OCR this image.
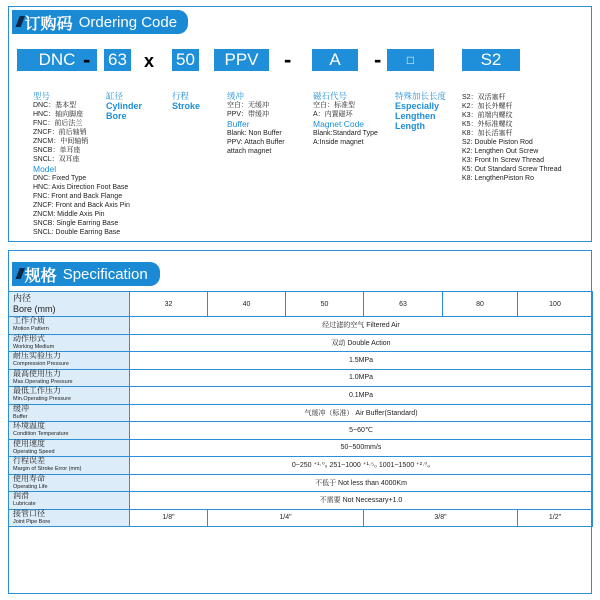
//// 订购码 Ordering Code
DNC - 63 x 50	PPV	-	A	-	□	S2
型号
DNC：基本型
HNC：轴向脚座
FNC：前后法兰
ZNCF：前后轴销
ZNCM：中间轴销
SNCB：单耳座
SNCL：双耳座
Model
DNC: Fixed Type
HNC: Axis Direction Foot Base
FNC: Front and Back Flange
ZNCF: Front and Back Axis Pin
ZNCM: Middle Axis Pin
SNCB: Single Earring Base
SNCL: Double Earring Base
缸径
Cylinder
Bore
行程
Stroke
缓冲
空白：无缓冲
PPV：带缓冲
Buffer
Blank: Non Buffer
PPV: Attach Buffer
attach magnet
磁石代号
空白：标准型
A：内置磁环
Magnet Code
Blank:Standard Type
A:Inside magnet
特殊加长长度
Especially
Lengthen
Length
S2：双活塞杆
K2：加长外螺杆
K3：前端内螺纹
K5：外标准螺纹
K8：加长活塞杆
S2: Double Piston Rod
K2: Lengthen Out Screw
K3: Front In Screw Thread
K5: Out Standard Screw Thread
K8: LengthenPiston Ro
//// 规格 Specification
内径
Bore (mm)	32	40	50	63	80	100

工作介质
Motion Pattern	经过滤的空气 Filtered Air					

动作形式
Working Medium	双动 Double Action					

耐压实验压力
Compression Pressure	1.5MPa					

最高使用压力
Max.Operating Pressure	1.0MPa					

最低工作压力
Min.Operating Pressure	0.1MPa					

缓冲
Buffer	气缓冲（标准） Air Buffer(Standard)					

环境温度
Condition Temperature	5~60℃					

使用速度
Operating Speed	50~500mm/s					

行程误差
Margin of Stroke Error (mm)	0~250 ⁺¹·⁰₀ 251~1000 ⁺¹·⁵₀ 1001~1500 ⁺²·⁰₀					

使用寿命
Operating Life	不低于 Not less than 4000Km					

润滑
Lubricate	不需要 Not Necessary+1.0					

接管口径
Joint Pipe Bore	1/8"	1/4"		3/8"		1/2"
